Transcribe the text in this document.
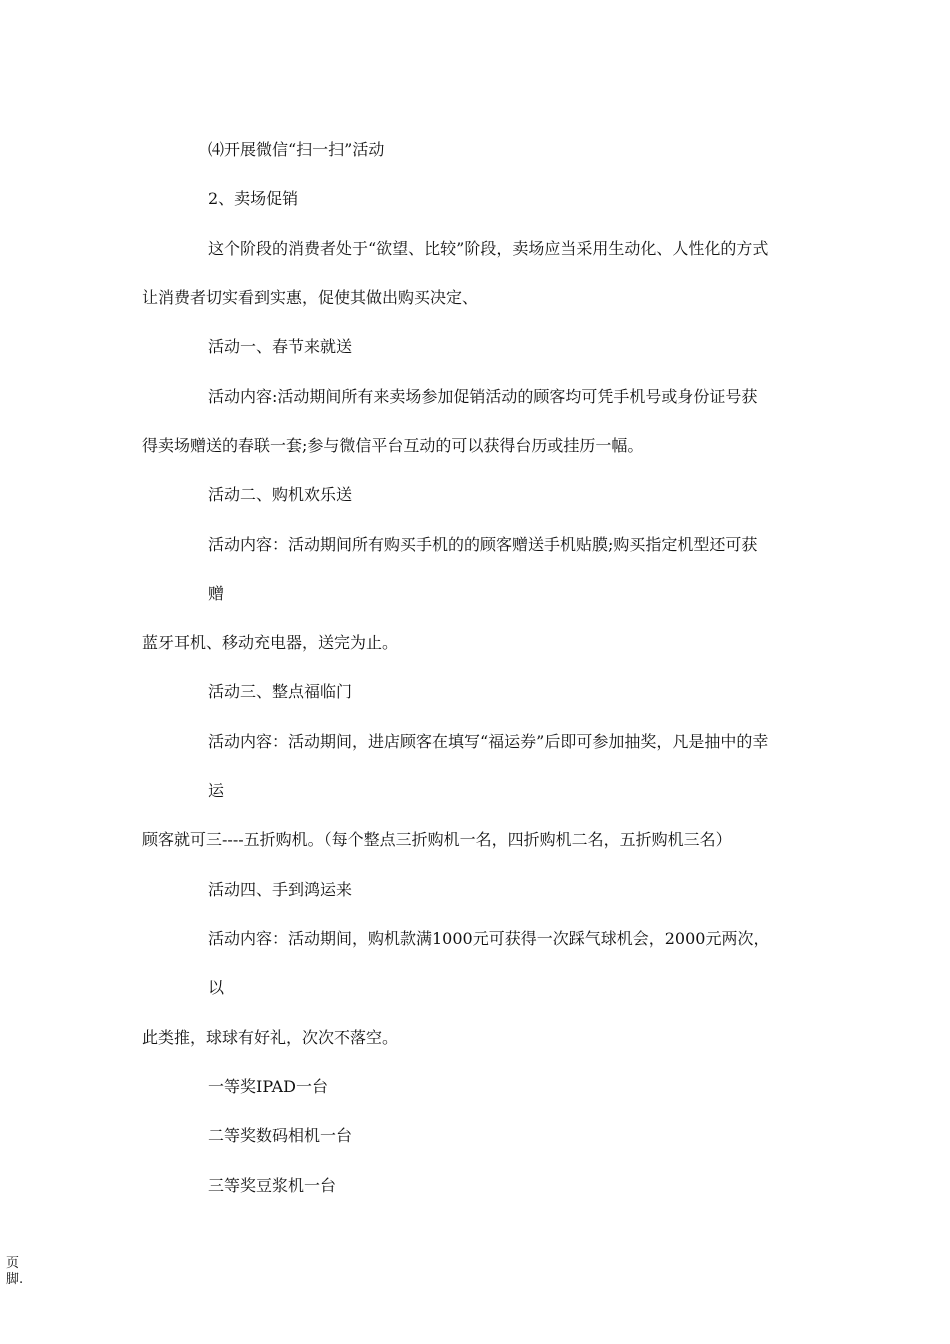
⑷开展微信“扫一扫”活动
2、卖场促销
这个阶段的消费者处于“欲望、比较”阶段，卖场应当采用生动化、人性化的方式
让消费者切实看到实惠，促使其做出购买决定、
活动一、春节来就送
活动内容:活动期间所有来卖场参加促销活动的顾客均可凭手机号或身份证号获
得卖场赠送的春联一套;参与微信平台互动的可以获得台历或挂历一幅。
活动二、购机欢乐送
活动内容：活动期间所有购买手机的的顾客赠送手机贴膜;购买指定机型还可获
赠
蓝牙耳机、移动充电器，送完为止。
活动三、整点福临门
活动内容：活动期间，进店顾客在填写“福运券”后即可参加抽奖，凡是抽中的幸
运
顾客就可三----五折购机。（每个整点三折购机一名，四折购机二名，五折购机三名）
活动四、手到鸿运来
活动内容：活动期间，购机款满1000元可获得一次踩气球机会，2000元两次，
以
此类推，球球有好礼，次次不落空。
一等奖IPAD一台
二等奖数码相机一台
三等奖豆浆机一台
页
脚.
